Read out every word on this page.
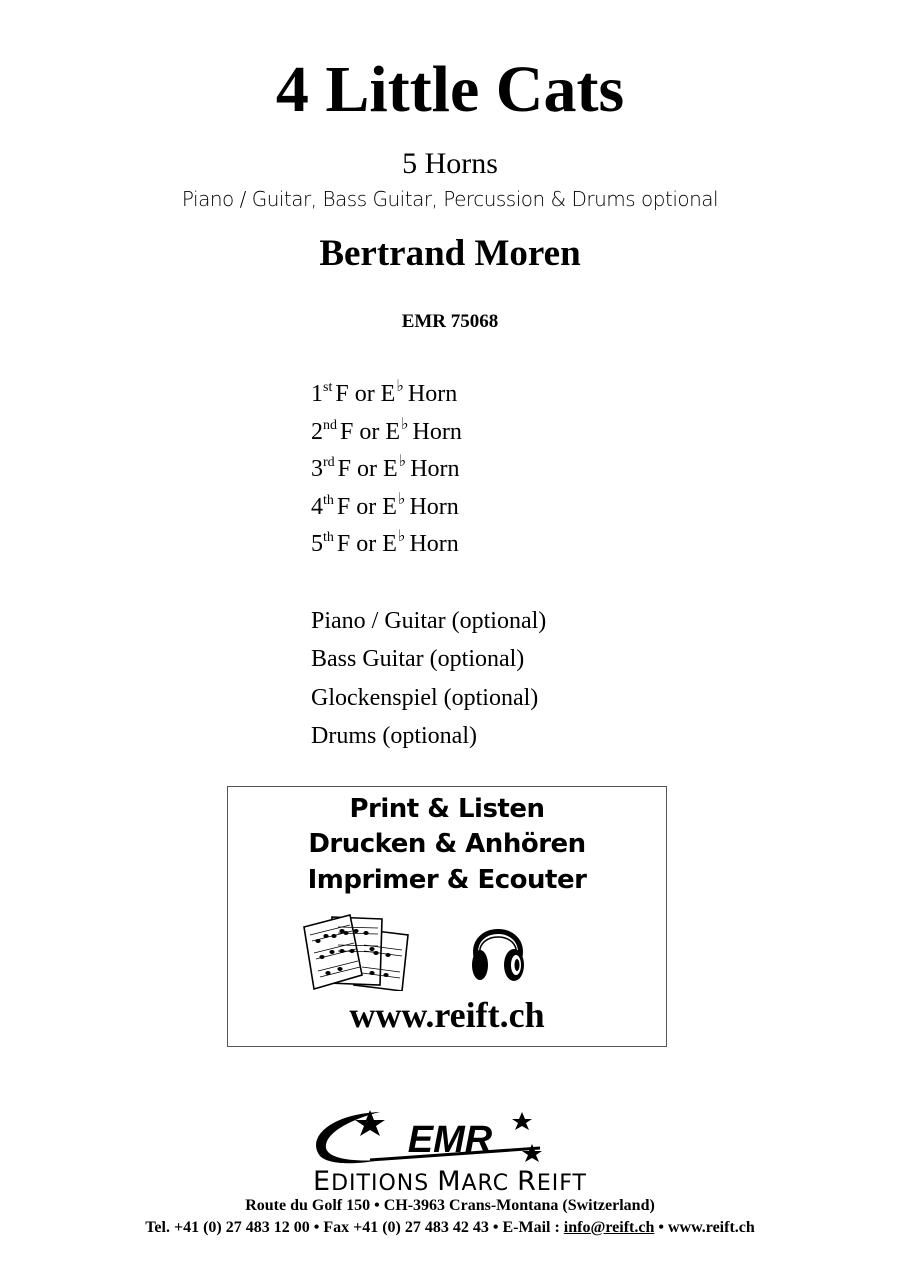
4 Little Cats
5 Horns
Piano / Guitar, Bass Guitar, Percussion & Drums optional
Bertrand Moren
EMR 75068
1st F or E♭ Horn
2nd F or E♭ Horn
3rd F or E♭ Horn
4th F or E♭ Horn
5th F or E♭ Horn
Piano / Guitar (optional)
Bass Guitar (optional)
Glockenspiel (optional)
Drums (optional)
Print & Listen
Drucken & Anhören
Imprimer & Ecouter
www.reift.ch
EMR
EDITIONS MARC REIFT
Route du Golf 150 • CH-3963 Crans-Montana (Switzerland)
Tel. +41 (0) 27 483 12 00 • Fax +41 (0) 27 483 42 43 • E-Mail : info@reift.ch • www.reift.ch
